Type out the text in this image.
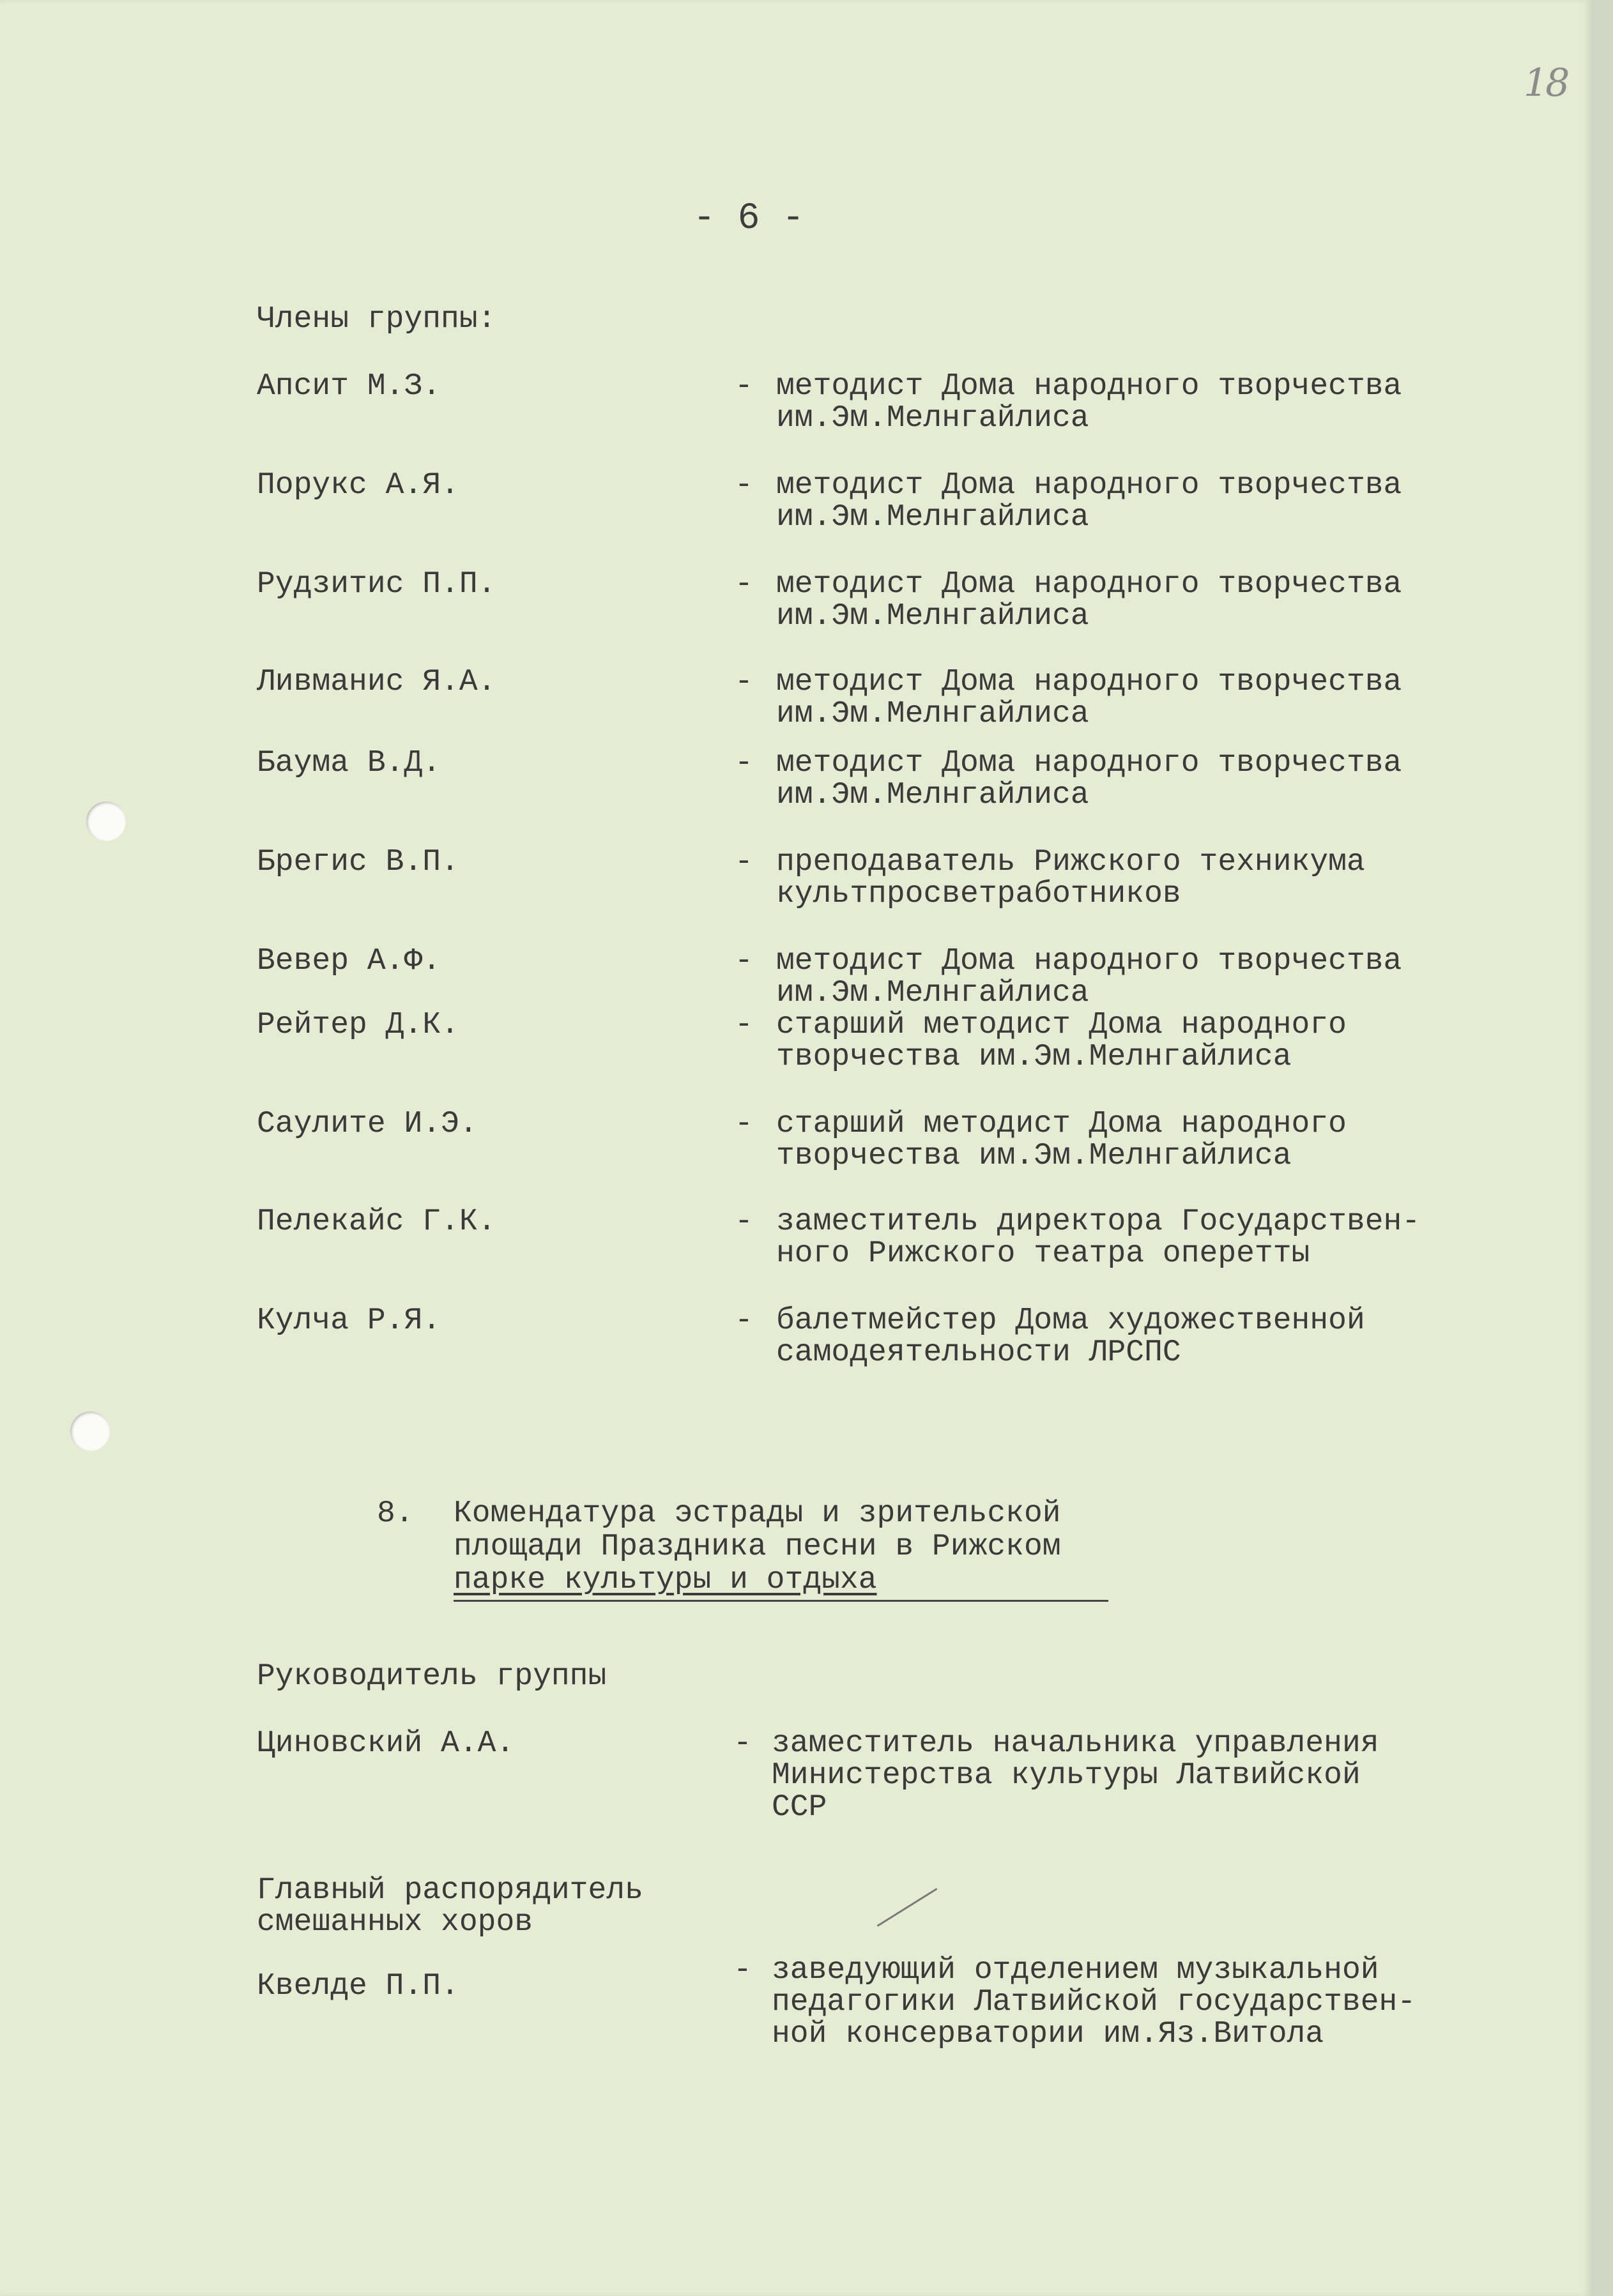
18
- 6 -
Члены группы:
Апсит М.З.	- методист Дома народного творчества
им.Эм.Мелнгайлиса
Порукс А.Я.	- методист Дома народного творчества
им.Эм.Мелнгайлиса
Рудзитис П.П.	- методист Дома народного творчества
им.Эм.Мелнгайлиса
Ливманис Я.А.	- методист Дома народного творчества
им.Эм.Мелнгайлиса
Баума В.Д.	- методист Дома народного творчества
им.Эм.Мелнгайлиса
Брегис В.П.	- преподаватель Рижского техникума
культпросветработников
Вевер А.Ф.	- методист Дома народного творчества
им.Эм.Мелнгайлиса
Рейтер Д.К.	- старший методист Дома народного
творчества им.Эм.Мелнгайлиса
Саулите И.Э.	- старший методист Дома народного
творчества им.Эм.Мелнгайлиса
Пелекайс Г.К.	- заместитель директора Государствен-
ного Рижского театра оперетты
Кулча Р.Я.	- балетмейстер Дома художественной
самодеятельности ЛРСПС
8. Комендатура эстрады и зрительской
площади Праздника песни в Рижском
парке культуры и отдыха
Руководитель группы
Циновский А.А.	- заместитель начальника управления
Министерства культуры Латвийской
ССР
Главный распорядитель
смешанных хоров
Квелде П.П.	- заведующий отделением музыкальной
педагогики Латвийской государствен-
ной консерватории им.Яз.Витола
